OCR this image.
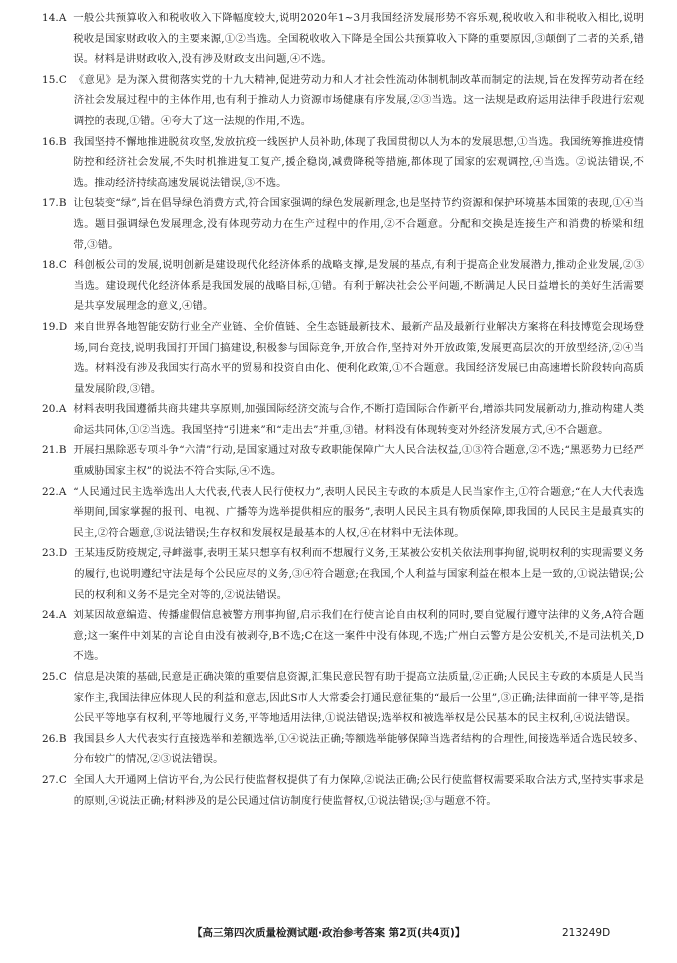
14.A 一般公共预算收入和税收收入下降幅度较大,说明2020年1~3月我国经济发展形势不容乐观,税收收入和非税收入相比,说明税收是国家财政收入的主要来源,①②当选。全国税收收入下降是全国公共预算收入下降的重要原因,③颠倒了二者的关系,错误。材料是讲财政收入,没有涉及财政支出问题,④不选。
15.C 《意见》是为深入贯彻落实党的十九大精神,促进劳动力和人才社会性流动体制机制改革而制定的法规,旨在发挥劳动者在经济社会发展过程中的主体作用,也有利于推动人力资源市场健康有序发展,②③当选。这一法规是政府运用法律手段进行宏观调控的表现,①错。④夸大了这一法规的作用,不选。
16.B 我国坚持不懈地推进脱贫攻坚,发放抗疫一线医护人员补助,体现了我国贯彻以人为本的发展思想,①当选。我国统筹推进疫情防控和经济社会发展,不失时机推进复工复产,援企稳岗,减费降税等措施,都体现了国家的宏观调控,④当选。②说法错误,不选。推动经济持续高速发展说法错误,③不选。
17.B 让包装变“绿”,旨在倡导绿色消费方式,符合国家强调的绿色发展新理念,也是坚持节约资源和保护环境基本国策的表现,①④当选。题目强调绿色发展理念,没有体现劳动力在生产过程中的作用,②不合题意。分配和交换是连接生产和消费的桥梁和纽带,③错。
18.C 科创板公司的发展,说明创新是建设现代化经济体系的战略支撑,是发展的基点,有利于提高企业发展潜力,推动企业发展,②③当选。建设现代化经济体系是我国发展的战略目标,①错。有利于解决社会公平问题,不断满足人民日益增长的美好生活需要是共享发展理念的意义,④错。
19.D 来自世界各地智能安防行业全产业链、全价值链、全生态链最新技术、最新产品及最新行业解决方案将在科技博览会现场登场,同台竞技,说明我国打开国门搞建设,积极参与国际竞争,开放合作,坚持对外开放政策,发展更高层次的开放型经济,②④当选。材料没有涉及我国实行高水平的贸易和投资自由化、便利化政策,①不合题意。我国经济发展已由高速增长阶段转向高质量发展阶段,③错。
20.A 材料表明我国遵循共商共建共享原则,加强国际经济交流与合作,不断打造国际合作新平台,增添共同发展新动力,推动构建人类命运共同体,①②当选。我国坚持“引进来”和“走出去”并重,③错。材料没有体现转变对外经济发展方式,④不合题意。
21.B 开展扫黑除恶专项斗争“六清”行动,是国家通过对敌专政职能保障广大人民合法权益,①③符合题意,②不选;“黑恶势力已经严重威胁国家主权”的说法不符合实际,④不选。
22.A “人民通过民主选举选出人大代表,代表人民行使权力”,表明人民民主专政的本质是人民当家作主,①符合题意;“在人大代表选举期间,国家掌握的报刊、电视、广播等为选举提供相应的服务”,表明人民民主具有物质保障,即我国的人民民主是最真实的民主,②符合题意,③说法错误;生存权和发展权是最基本的人权,④在材料中无法体现。
23.D 王某违反防疫规定,寻衅滋事,表明王某只想享有权利而不想履行义务,王某被公安机关依法刑事拘留,说明权利的实现需要义务的履行,也说明遵纪守法是每个公民应尽的义务,③④符合题意;在我国,个人利益与国家利益在根本上是一致的,①说法错误;公民的权利和义务不是完全对等的,②说法错误。
24.A 刘某因故意编造、传播虚假信息被警方刑事拘留,启示我们在行使言论自由权利的同时,要自觉履行遵守法律的义务,A符合题意;这一案件中刘某的言论自由没有被剥夺,B不选;C在这一案件中没有体现,不选;广州白云警方是公安机关,不是司法机关,D不选。
25.C 信息是决策的基础,民意是正确决策的重要信息资源,汇集民意民智有助于提高立法质量,②正确;人民民主专政的本质是人民当家作主,我国法律应体现人民的利益和意志,因此S市人大常委会打通民意征集的“最后一公里”,③正确;法律面前一律平等,是指公民平等地享有权利,平等地履行义务,平等地适用法律,①说法错误;选举权和被选举权是公民基本的民主权利,④说法错误。
26.B 我国县乡人大代表实行直接选举和差额选举,①④说法正确;等额选举能够保障当选者结构的合理性,间接选举适合选民较多、分布较广的情况,②③说法错误。
27.C 全国人大开通网上信访平台,为公民行使监督权提供了有力保障,②说法正确;公民行使监督权需要采取合法方式,坚持实事求是的原则,④说法正确;材料涉及的是公民通过信访制度行使监督权,①说法错误;③与题意不符。
【高三第四次质量检测试题·政治参考答案 第2页(共4页)】	213249D
